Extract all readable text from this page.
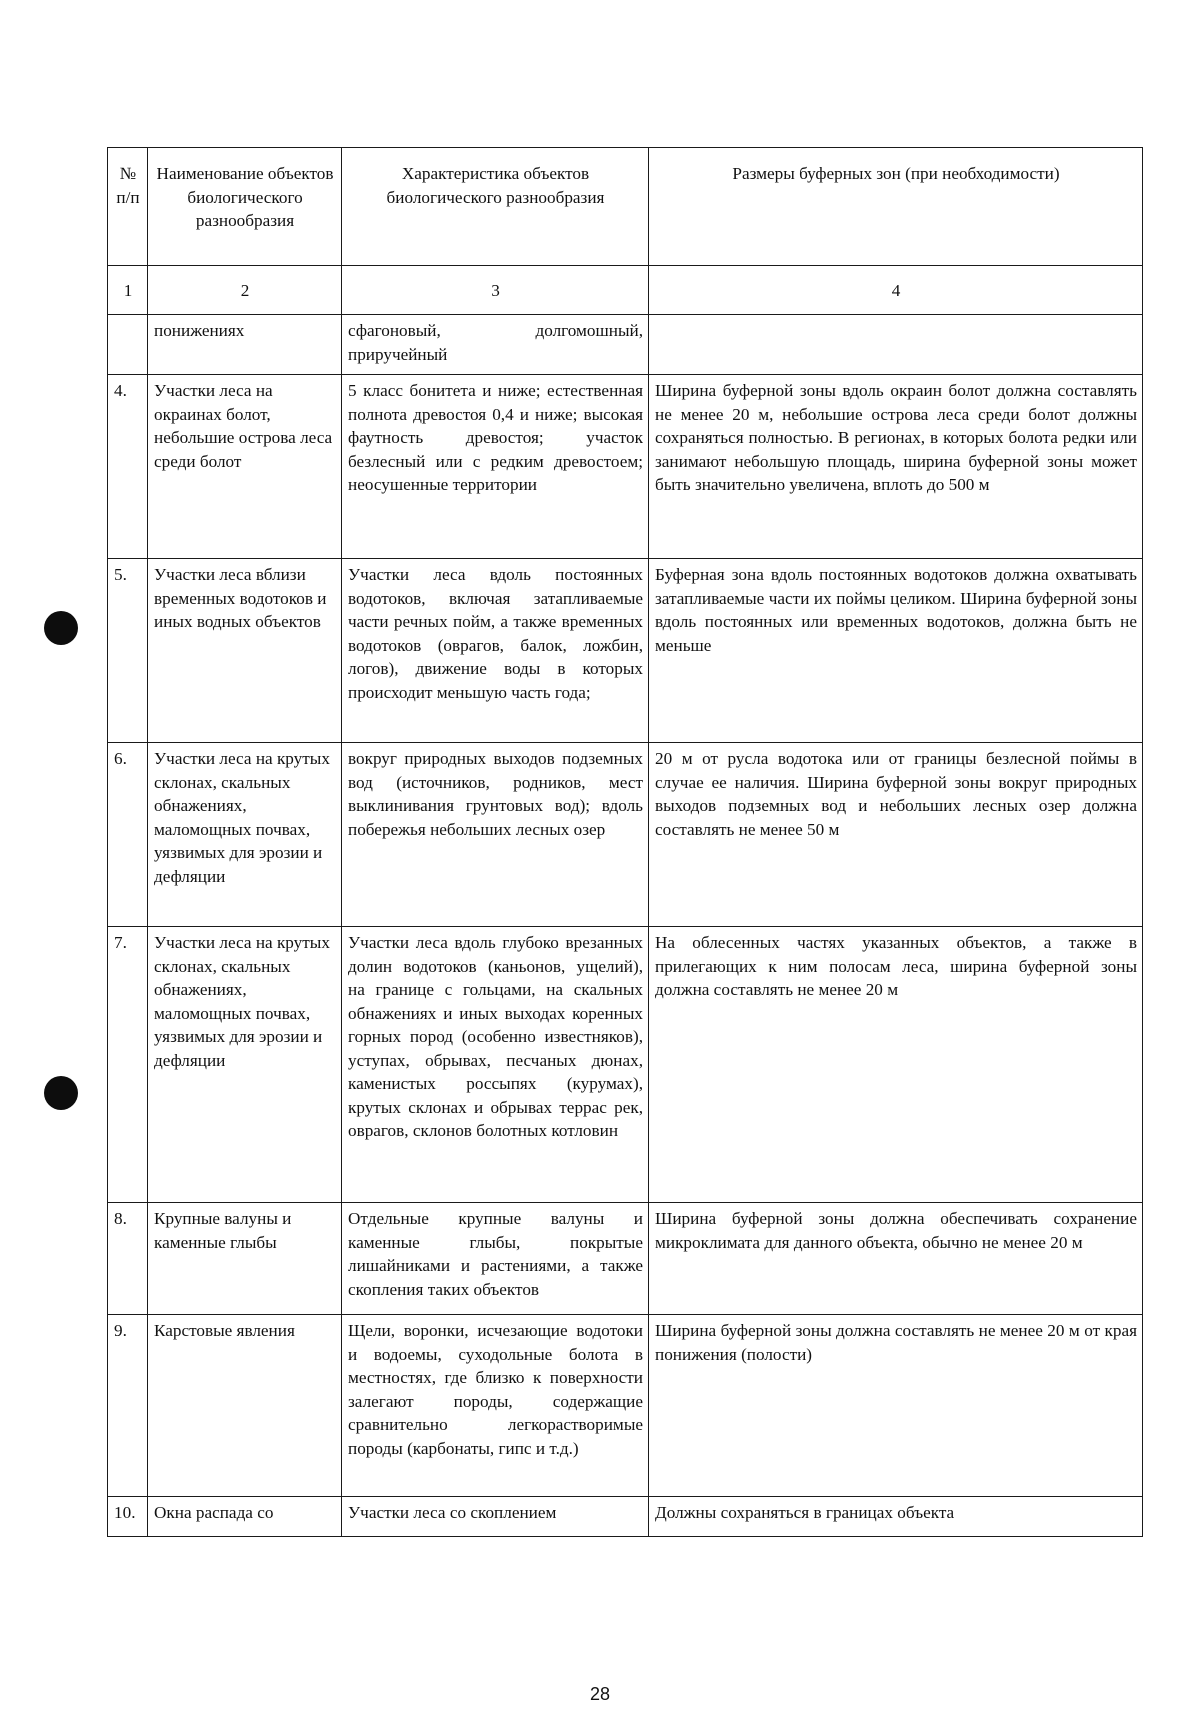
№ п/п	Наименование объектов биологического разнообразия	Характеристика объектов биологического разнообразия	Размеры буферных зон (при необходимости)
1	2	3	4
	понижениях	сфагоновый, долгомошный, приручейный	
4.	Участки леса на окраинах болот, небольшие острова леса среди болот	5 класс бонитета и ниже; естественная полнота древостоя 0,4 и ниже; высокая фаутность древостоя; участок безлесный или с редким древостоем; неосушенные территории	Ширина буферной зоны вдоль окраин болот должна составлять не менее 20 м, небольшие острова леса среди болот должны сохраняться полностью. В регионах, в которых болота редки или занимают небольшую площадь, ширина буферной зоны может быть значительно увеличена, вплоть до 500 м
5.	Участки леса вблизи временных водотоков и иных водных объектов	Участки леса вдоль постоянных водотоков, включая затапливаемые части речных пойм, а также временных водотоков (оврагов, балок, ложбин, логов), движение воды в которых происходит меньшую часть года;	Буферная зона вдоль постоянных водотоков должна охватывать затапливаемые части их поймы целиком. Ширина буферной зоны вдоль постоянных или временных водотоков, должна быть не меньше
6.	Участки леса на крутых склонах, скальных обнажениях, маломощных почвах, уязвимых для эрозии и дефляции	вокруг природных выходов подземных вод (источников, родников, мест выклинивания грунтовых вод); вдоль побережья небольших лесных озер	20 м от русла водотока или от границы безлесной поймы в случае ее наличия. Ширина буферной зоны вокруг природных выходов подземных вод и небольших лесных озер должна составлять не менее 50 м
7.	Участки леса на крутых склонах, скальных обнажениях, маломощных почвах, уязвимых для эрозии и дефляции	Участки леса вдоль глубоко врезанных долин водотоков (каньонов, ущелий), на границе с гольцами, на скальных обнажениях и иных выходах коренных горных пород (особенно известняков), уступах, обрывах, песчаных дюнах, каменистых россыпях (курумах), крутых склонах и обрывах террас рек, оврагов, склонов болотных котловин	На облесенных частях указанных объектов, а также в прилегающих к ним полосам леса, ширина буферной зоны должна составлять не менее 20 м
8.	Крупные валуны и каменные глыбы	Отдельные крупные валуны и каменные глыбы, покрытые лишайниками и растениями, а также скопления таких объектов	Ширина буферной зоны должна обеспечивать сохранение микроклимата для данного объекта, обычно не менее 20 м
9.	Карстовые явления	Щели, воронки, исчезающие водотоки и водоемы, суходольные болота в местностях, где близко к поверхности залегают породы, содержащие сравнительно легкорастворимые породы (карбонаты, гипс и т.д.)	Ширина буферной зоны должна составлять не менее 20 м от края понижения (полости)
10.	Окна распада со	Участки леса со скоплением	Должны сохраняться в границах объекта
28
